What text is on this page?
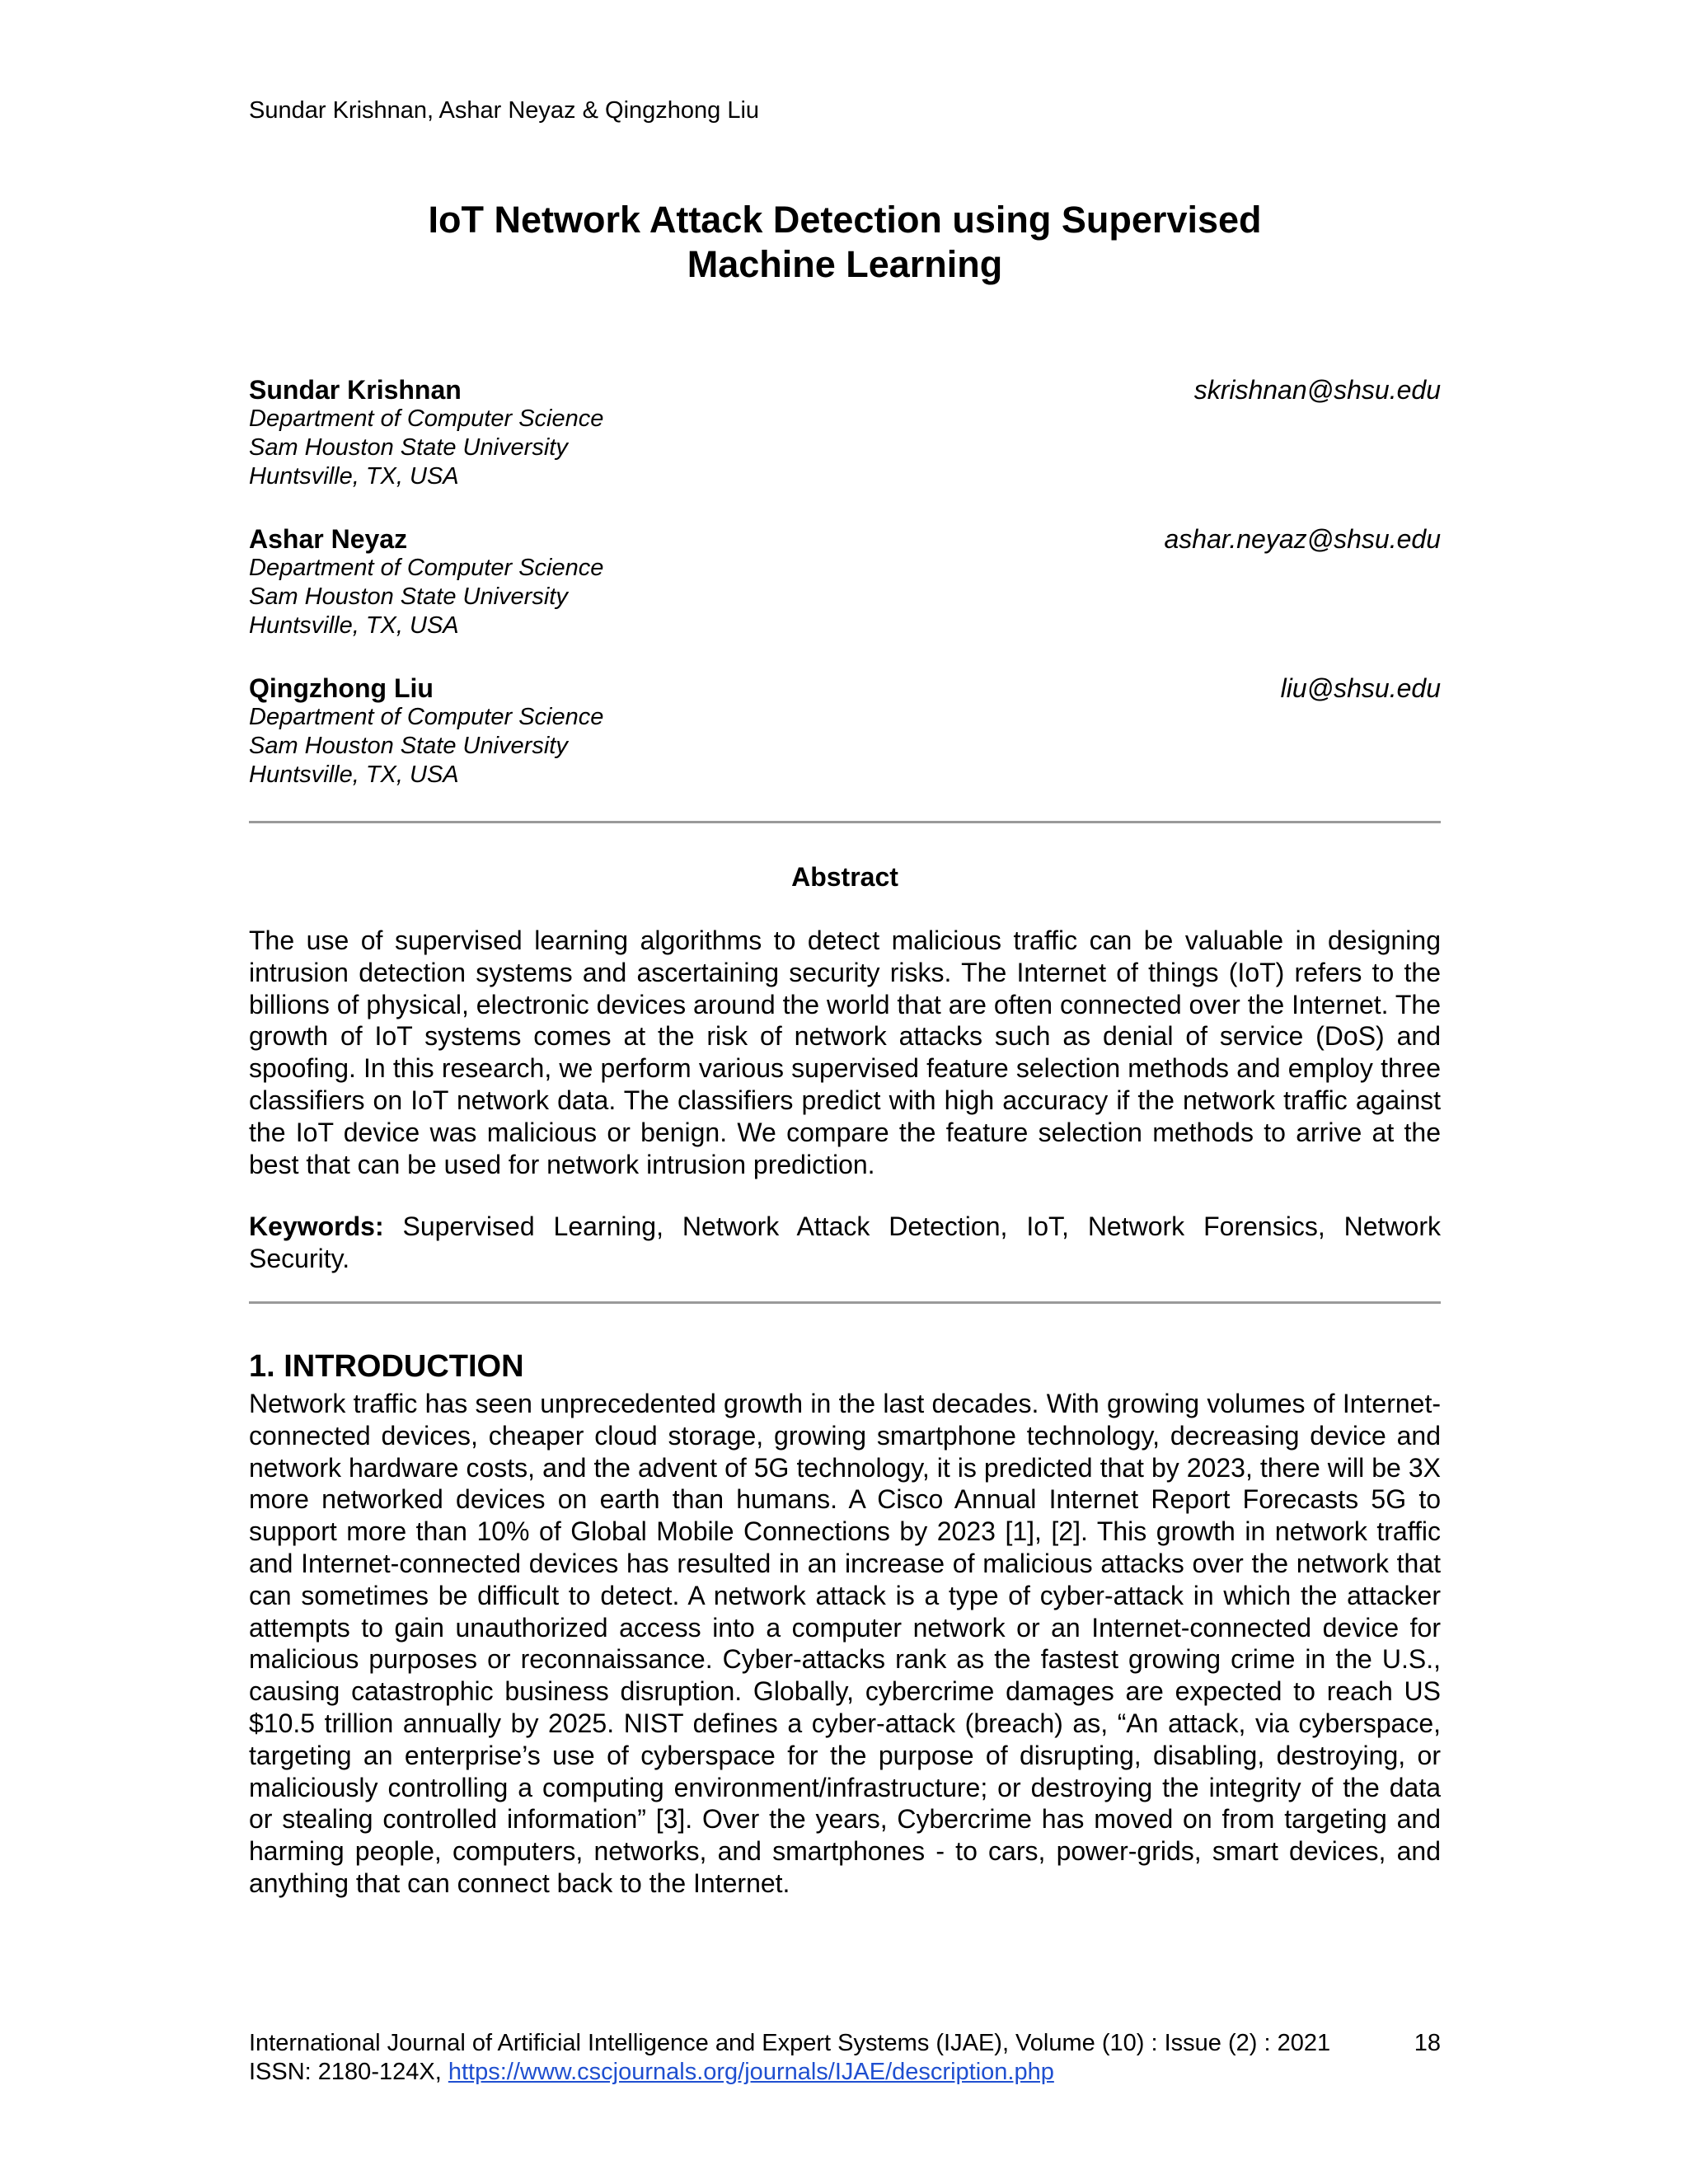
Sundar Krishnan, Ashar Neyaz & Qingzhong Liu
IoT Network Attack Detection using Supervised
Machine Learning
Sundar Krishnan
Department of Computer Science
Sam Houston State University
Huntsville, TX, USA
skrishnan@shsu.edu
Ashar Neyaz
Department of Computer Science
Sam Houston State University
Huntsville, TX, USA
ashar.neyaz@shsu.edu
Qingzhong Liu
Department of Computer Science
Sam Houston State University
Huntsville, TX, USA
liu@shsu.edu
Abstract
The use of supervised learning algorithms to detect malicious traffic can be valuable in designing intrusion detection systems and ascertaining security risks. The Internet of things (IoT) refers to the billions of physical, electronic devices around the world that are often connected over the Internet. The growth of IoT systems comes at the risk of network attacks such as denial of service (DoS) and spoofing. In this research, we perform various supervised feature selection methods and employ three classifiers on IoT network data. The classifiers predict with high accuracy if the network traffic against the IoT device was malicious or benign. We compare the feature selection methods to arrive at the best that can be used for network intrusion prediction.
Keywords: Supervised Learning, Network Attack Detection, IoT, Network Forensics, Network Security.
1. INTRODUCTION
Network traffic has seen unprecedented growth in the last decades. With growing volumes of Internet-connected devices, cheaper cloud storage, growing smartphone technology, decreasing device and network hardware costs, and the advent of 5G technology, it is predicted that by 2023, there will be 3X more networked devices on earth than humans. A Cisco Annual Internet Report Forecasts 5G to support more than 10% of Global Mobile Connections by 2023 [1], [2]. This growth in network traffic and Internet-connected devices has resulted in an increase of malicious attacks over the network that can sometimes be difficult to detect. A network attack is a type of cyber-attack in which the attacker attempts to gain unauthorized access into a computer network or an Internet-connected device for malicious purposes or reconnaissance. Cyber-attacks rank as the fastest growing crime in the U.S., causing catastrophic business disruption. Globally, cybercrime damages are expected to reach US $10.5 trillion annually by 2025. NIST defines a cyber-attack (breach) as, “An attack, via cyberspace, targeting an enterprise’s use of cyberspace for the purpose of disrupting, disabling, destroying, or maliciously controlling a computing environment/infrastructure; or destroying the integrity of the data or stealing controlled information” [3]. Over the years, Cybercrime has moved on from targeting and harming people, computers, networks, and smartphones - to cars, power-grids, smart devices, and anything that can connect back to the Internet.
International Journal of Artificial Intelligence and Expert Systems (IJAE), Volume (10) : Issue (2) : 2021	18
ISSN: 2180-124X, https://www.cscjournals.org/journals/IJAE/description.php
